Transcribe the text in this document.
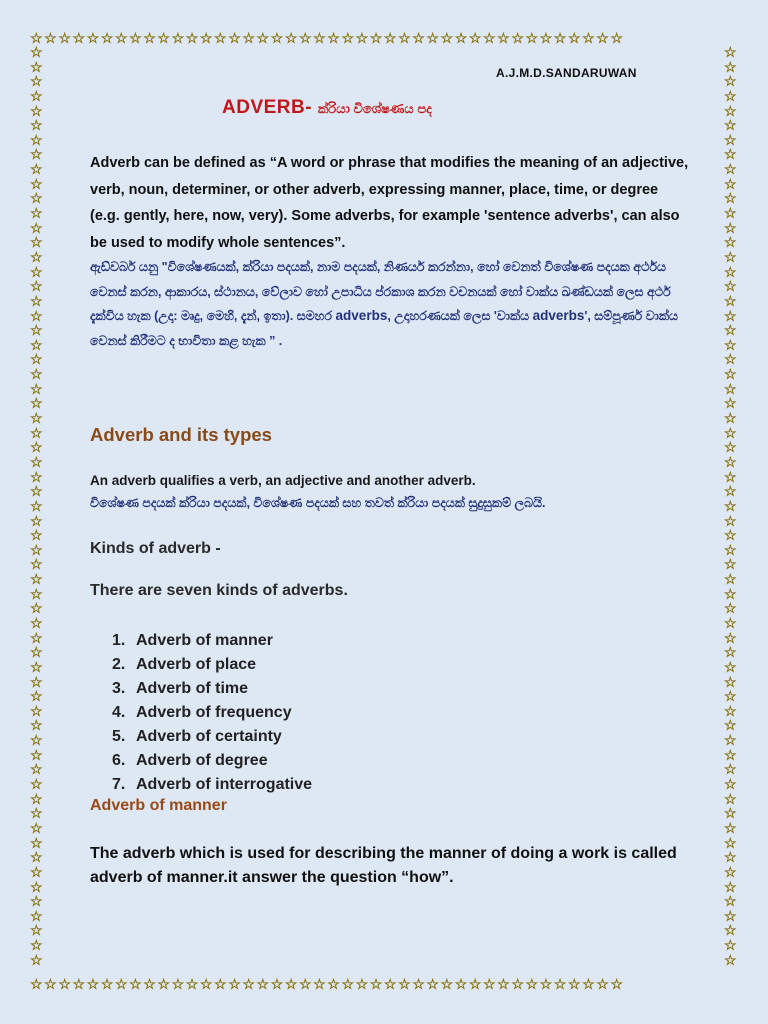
☆☆☆☆☆☆☆☆☆☆☆☆☆☆☆☆☆☆☆☆☆☆☆☆☆☆☆☆☆☆☆☆☆☆☆☆☆☆☆☆☆☆
☆☆☆☆☆☆☆☆☆☆☆☆☆☆☆☆☆☆☆☆☆☆☆☆☆☆☆☆☆☆☆☆☆☆☆☆☆☆☆☆☆☆
☆
☆
☆
☆
☆
☆
☆
☆
☆
☆
☆
☆
☆
☆
☆
☆
☆
☆
☆
☆
☆
☆
☆
☆
☆
☆
☆
☆
☆
☆
☆
☆
☆
☆
☆
☆
☆
☆
☆
☆
☆
☆
☆
☆
☆
☆
☆
☆
☆
☆
☆
☆
☆
☆
☆
☆
☆
☆
☆
☆
☆
☆
☆
☆
☆
☆
☆
☆
☆
☆
☆
☆
☆
☆
☆
☆
☆
☆
☆
☆
☆
☆
☆
☆
☆
☆
☆
☆
☆
☆
☆
☆
☆
☆
☆
☆
☆
☆
☆
☆
☆
☆
☆
☆
☆
☆
☆
☆
☆
☆
☆
☆
☆
☆
☆
☆
☆
☆
☆
☆
☆
☆
☆
☆
☆
☆
A.J.M.D.SANDARUWAN
ADVERB- ක්රියා විශේෂණය පද
Adverb can be defined as “A word or phrase that modifies the meaning of an adjective, verb, noun, determiner, or other adverb, expressing manner, place, time, or degree (e.g. gently, here, now, very). Some adverbs, for example 'sentence adverbs', can also be used to modify whole sentences”.
ඇඩ්වබර් යනු "විශේෂණයක්, ක්රියා පදයක්, නාම පදයක්, නිණර්ය කරන්නා, හෝ වෙනත් විශේෂණ පදයක අර්ථය වෙනස් කරන, ආකාරය, ස්ථානය, වේලාව හෝ උපාධිය ප්රකාශ කරන වචනයක් හෝ වාක්ය ඛණ්ඩයක් ලෙස අර්ථ දැක්විය හැක (උදා: මෘදු, මෙහි, දැන්, ඉතා). සමහර adverbs, උදාහරණයක් ලෙස 'වාක්ය adverbs', සම්පූර්ණ වාක්ය වෙනස් කිරීමට ද භාවිතා කළ හැක ” .
Adverb and its types
An adverb qualifies a verb, an adjective and another adverb.
විශේෂණ පදයක් ක්රියා පදයක්, විශේෂණ පදයක් සහ තවත් ක්රියා පදයක් සුදුසුකම් ලබයි.
Kinds of adverb -
There are seven kinds of adverbs.
1. Adverb of manner
2. Adverb of place
3. Adverb of time
4. Adverb of frequency
5. Adverb of certainty
6. Adverb of degree
7. Adverb of interrogative
Adverb of manner
The adverb which is used for describing the manner of doing a work is called adverb of manner.it answer the question “how”.
